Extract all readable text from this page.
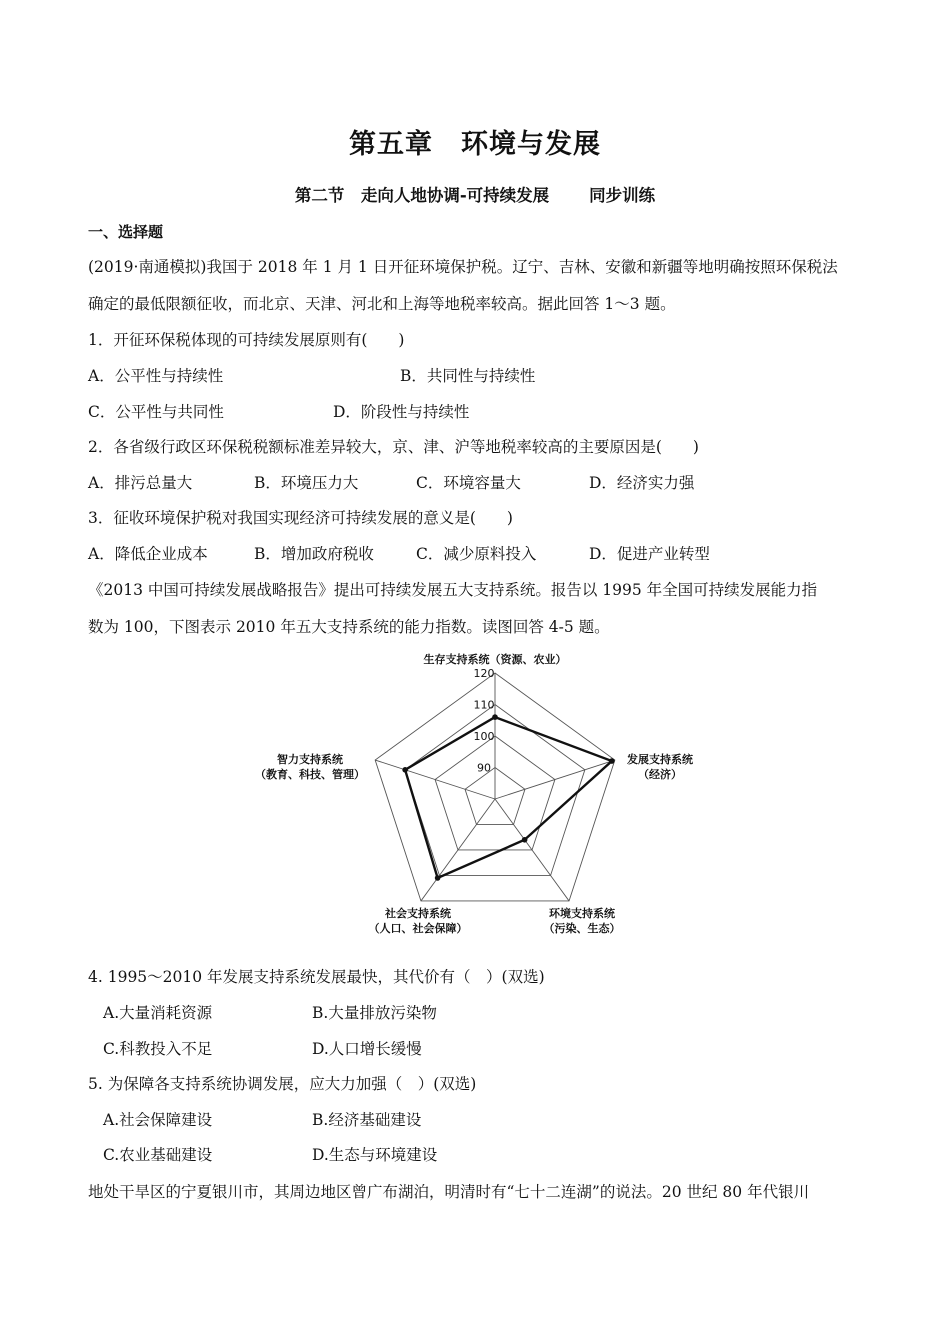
第五章　环境与发展
第二节　走向人地协调-可持续发展 同步训练
一、选择题
(2019·南通模拟)我国于 2018 年 1 月 1 日开征环境保护税。辽宁、吉林、安徽和新疆等地明确按照环保税法
确定的最低限额征收，而北京、天津、河北和上海等地税率较高。据此回答 1～3 题。
1．开征环保税体现的可持续发展原则有(　　)
A．公平性与持续性	B．共同性与持续性
C．公平性与共同性	D．阶段性与持续性
2．各省级行政区环保税税额标准差异较大，京、津、沪等地税率较高的主要原因是(　　)
A．排污总量大	B．环境压力大	C．环境容量大	D．经济实力强
3．征收环境保护税对我国实现经济可持续发展的意义是(　　)
A．降低企业成本	B．增加政府税收	C．减少原料投入	D．促进产业转型
《2013 中国可持续发展战略报告》提出可持续发展五大支持系统。报告以 1995 年全国可持续发展能力指
数为 100，下图表示 2010 年五大支持系统的能力指数。读图回答 4-5 题。
90
100
110
120
生存支持系统（资源、农业）
发展支持系统
（经济）
环境支持系统
（污染、生态）
社会支持系统
（人口、社会保障）
智力支持系统
（教育、科技、管理）
4. 1995～2010 年发展支持系统发展最快，其代价有（　）(双选)
A.大量消耗资源	B.大量排放污染物
C.科教投入不足	D.人口增长缓慢
5. 为保障各支持系统协调发展，应大力加强（　）(双选)
A.社会保障建设	B.经济基础建设
C.农业基础建设	D.生态与环境建设
地处干旱区的宁夏银川市，其周边地区曾广布湖泊，明清时有“七十二连湖”的说法。20 世纪 80 年代银川
